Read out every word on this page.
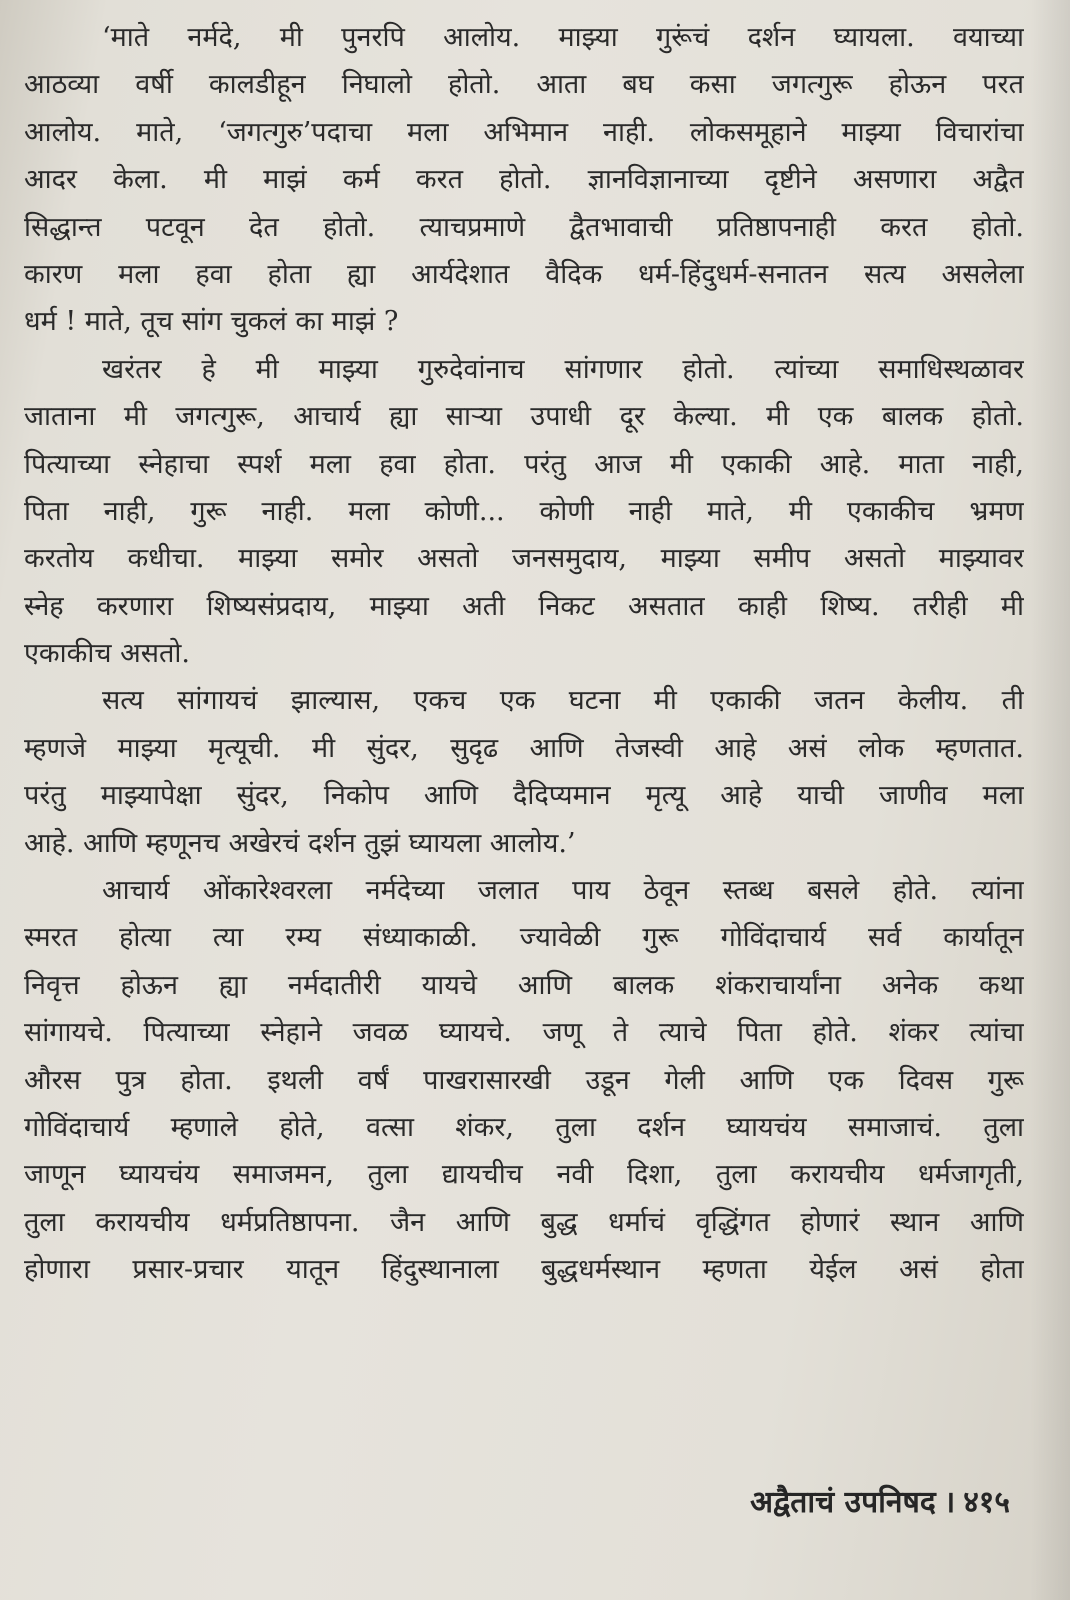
‘माते नर्मदे, मी पुनरपि आलोय. माझ्या गुरूंचं दर्शन घ्यायला. वयाच्या
आठव्या वर्षी कालडीहून निघालो होतो. आता बघ कसा जगत्गुरू होऊन परत
आलोय. माते, ‘जगत्गुरु’पदाचा मला अभिमान नाही. लोकसमूहाने माझ्या विचारांचा
आदर केला. मी माझं कर्म करत होतो. ज्ञानविज्ञानाच्या दृष्टीने असणारा अद्वैत
सिद्धान्त पटवून देत होतो. त्याचप्रमाणे द्वैतभावाची प्रतिष्ठापनाही करत होतो.
कारण मला हवा होता ह्या आर्यदेशात वैदिक धर्म-हिंदुधर्म-सनातन सत्य असलेला
धर्म ! माते, तूच सांग चुकलं का माझं ?
खरंतर हे मी माझ्या गुरुदेवांनाच सांगणार होतो. त्यांच्या समाधिस्थळावर
जाताना मी जगत्गुरू, आचार्य ह्या साऱ्या उपाधी दूर केल्या. मी एक बालक होतो.
पित्याच्या स्नेहाचा स्पर्श मला हवा होता. परंतु आज मी एकाकी आहे. माता नाही,
पिता नाही, गुरू नाही. मला कोणी... कोणी नाही माते, मी एकाकीच भ्रमण
करतोय कधीचा. माझ्या समोर असतो जनसमुदाय, माझ्या समीप असतो माझ्यावर
स्नेह करणारा शिष्यसंप्रदाय, माझ्या अती निकट असतात काही शिष्य. तरीही मी
एकाकीच असतो.
सत्य सांगायचं झाल्यास, एकच एक घटना मी एकाकी जतन केलीय. ती
म्हणजे माझ्या मृत्यूची. मी सुंदर, सुदृढ आणि तेजस्वी आहे असं लोक म्हणतात.
परंतु माझ्यापेक्षा सुंदर, निकोप आणि दैदिप्यमान मृत्यू आहे याची जाणीव मला
आहे. आणि म्हणूनच अखेरचं दर्शन तुझं घ्यायला आलोय.’
आचार्य ओंकारेश्वरला नर्मदेच्या जलात पाय ठेवून स्तब्ध बसले होते. त्यांना
स्मरत होत्या त्या रम्य संध्याकाळी. ज्यावेळी गुरू गोविंदाचार्य सर्व कार्यातून
निवृत्त होऊन ह्या नर्मदातीरी यायचे आणि बालक शंकराचार्यांना अनेक कथा
सांगायचे. पित्याच्या स्नेहाने जवळ घ्यायचे. जणू ते त्याचे पिता होते. शंकर त्यांचा
औरस पुत्र होता. इथली वर्षं पाखरासारखी उडून गेली आणि एक दिवस गुरू
गोविंदाचार्य म्हणाले होते, वत्सा शंकर, तुला दर्शन घ्यायचंय समाजाचं. तुला
जाणून घ्यायचंय समाजमन, तुला द्यायचीच नवी दिशा, तुला करायचीय धर्मजागृती,
तुला करायचीय धर्मप्रतिष्ठापना. जैन आणि बुद्ध धर्माचं वृद्धिंगत होणारं स्थान आणि
होणारा प्रसार-प्रचार यातून हिंदुस्थानाला बुद्धधर्मस्थान म्हणता येईल असं होता
अद्वैताचं उपनिषद । ४१५
